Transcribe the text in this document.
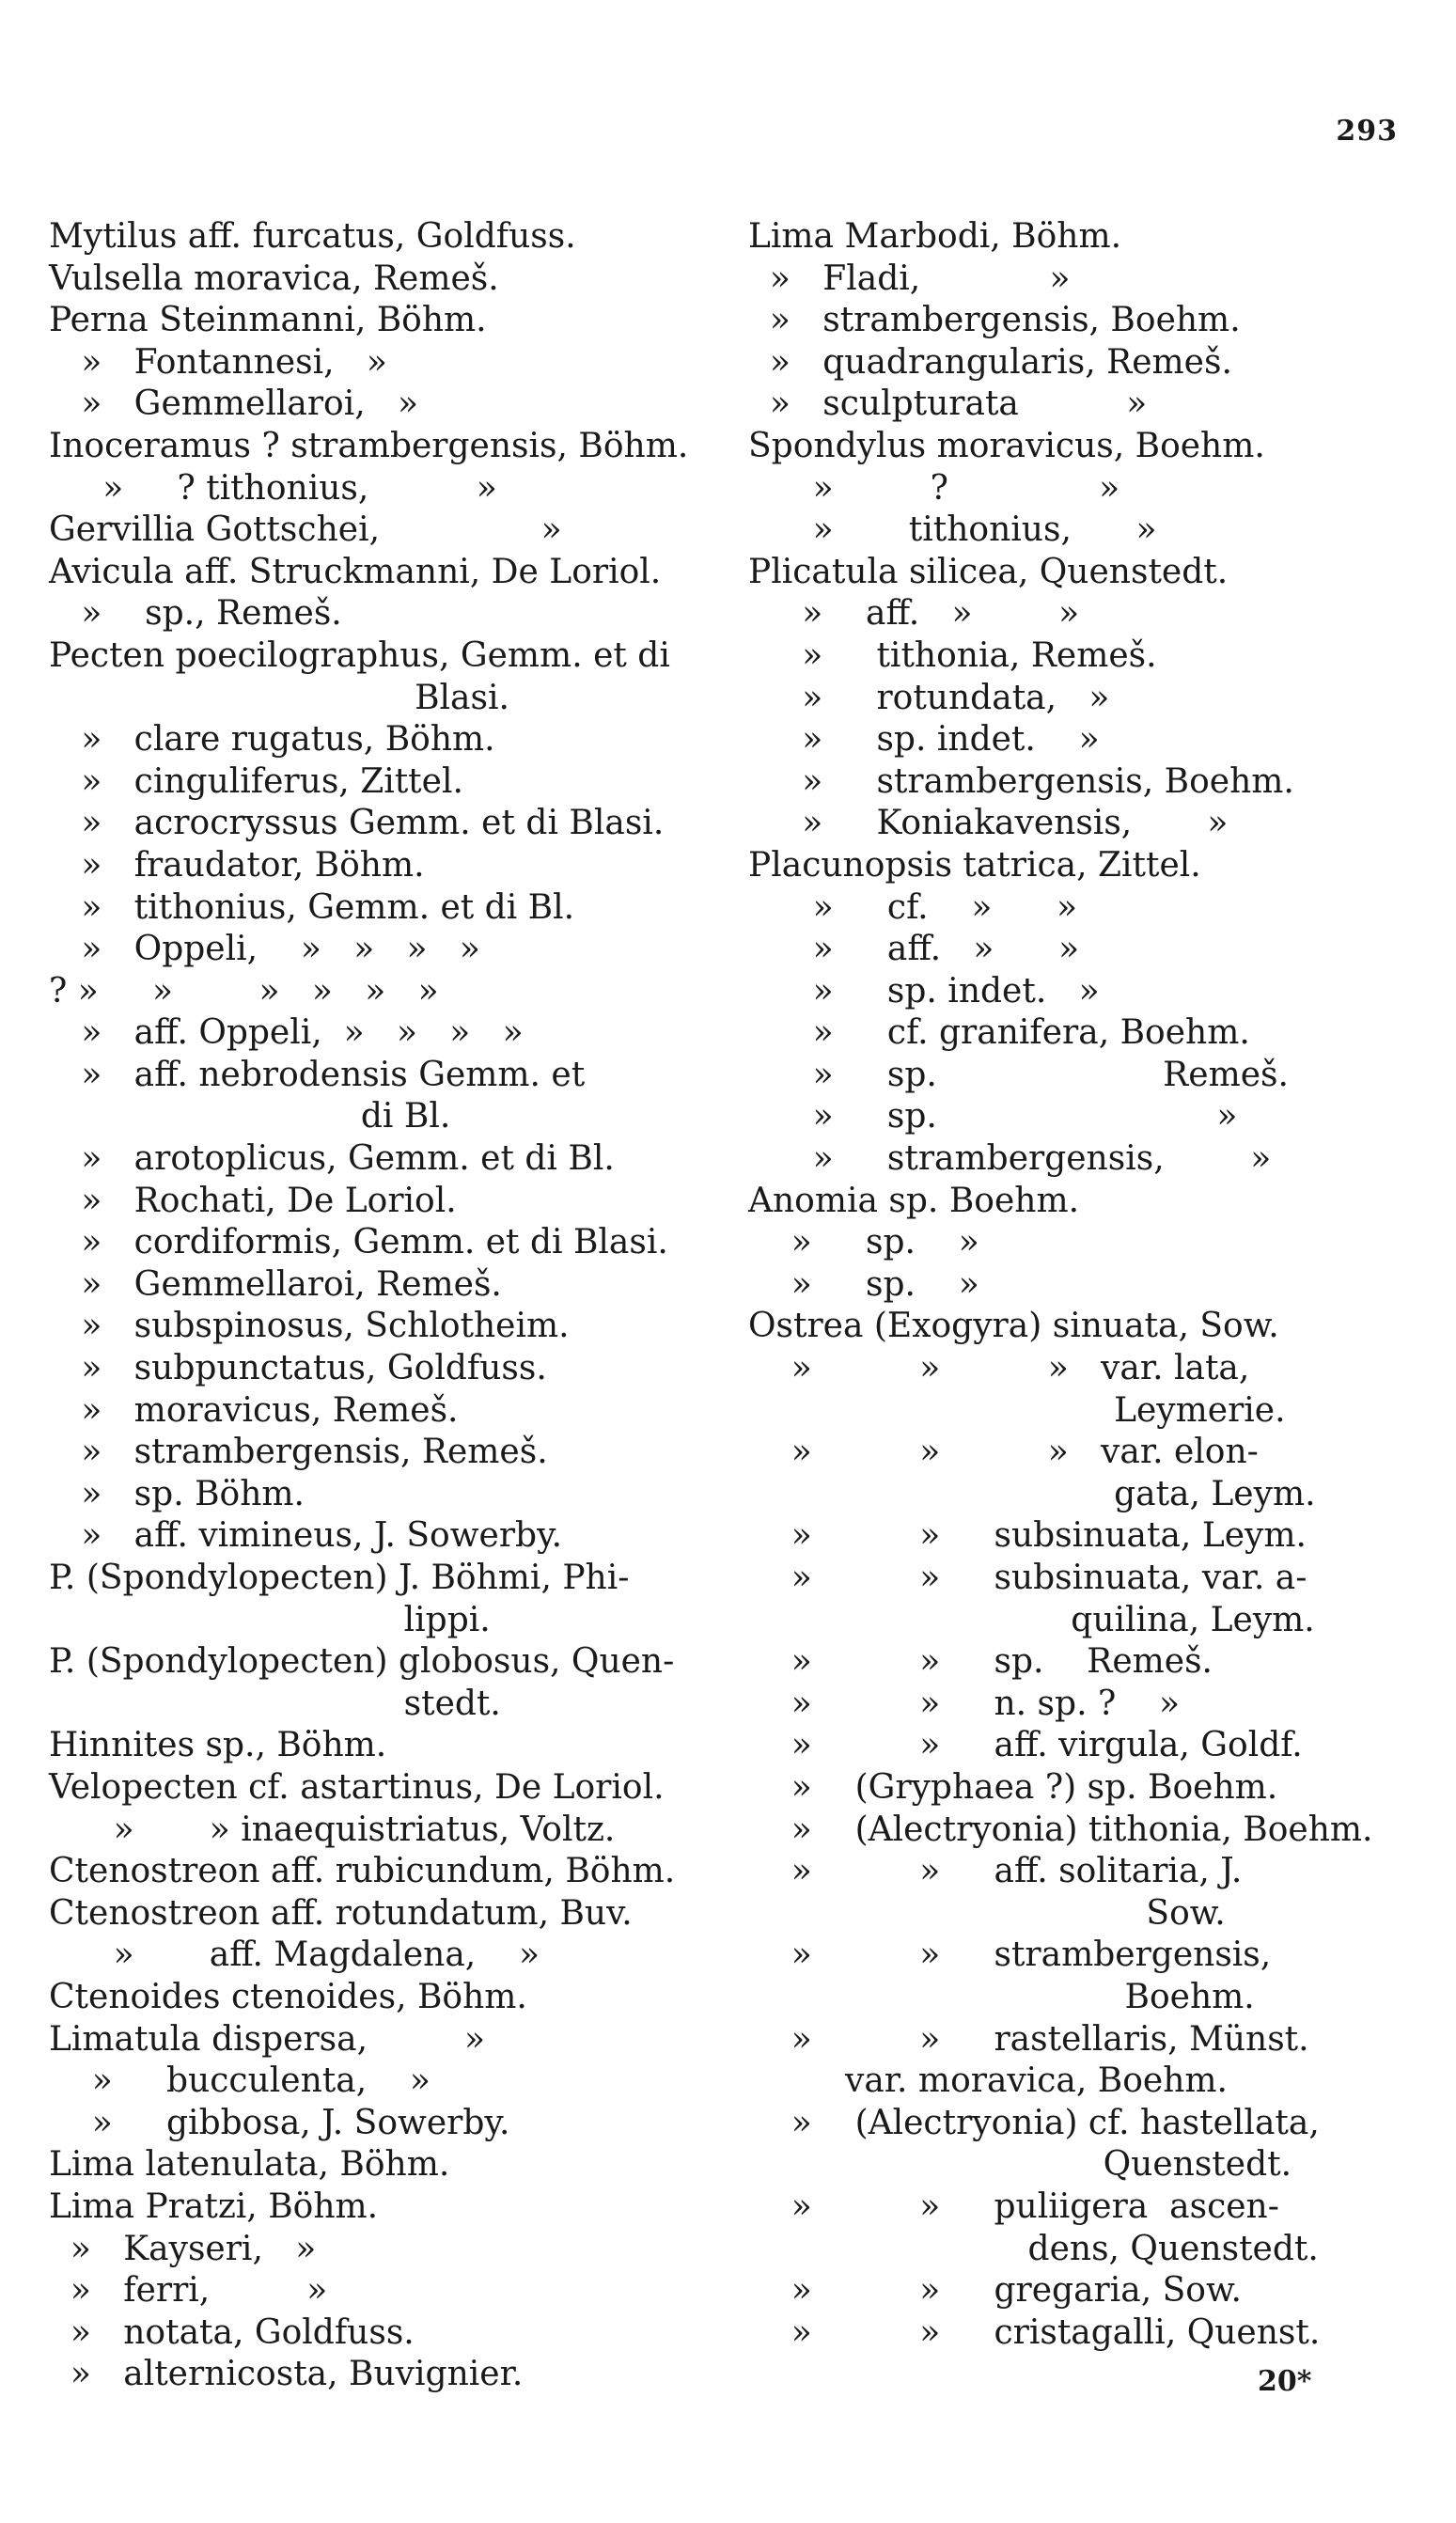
293
Mytilus aff. furcatus, Goldfuss.
Vulsella moravica, Remeš.
Perna Steinmanni, Böhm.
»   Fontannesi,   »
»   Gemmellaroi,   »
Inoceramus ? strambergensis, Böhm.
»     ? tithonius,          »
Gervillia Gottschei,               »
Avicula aff. Struckmanni, De Loriol.
»    sp., Remeš.
Pecten poecilographus, Gemm. et di
Blasi.
»   clare rugatus, Böhm.
»   cinguliferus, Zittel.
»   acrocryssus Gemm. et di Blasi.
»   fraudator, Böhm.
»   tithonius, Gemm. et di Bl.
»   Oppeli,    »   »   »   »
? »     »        »   »   »   »
»   aff. Oppeli,  »   »   »   »
»   aff. nebrodensis Gemm. et
di Bl.
»   arotoplicus, Gemm. et di Bl.
»   Rochati, De Loriol.
»   cordiformis, Gemm. et di Blasi.
»   Gemmellaroi, Remeš.
»   subspinosus, Schlotheim.
»   subpunctatus, Goldfuss.
»   moravicus, Remeš.
»   strambergensis, Remeš.
»   sp. Böhm.
»   aff. vimineus, J. Sowerby.
P. (Spondylopecten) J. Böhmi, Phi-
lippi.
P. (Spondylopecten) globosus, Quen-
stedt.
Hinnites sp., Böhm.
Velopecten cf. astartinus, De Loriol.
»       » inaequistriatus, Voltz.
Ctenostreon aff. rubicundum, Böhm.
Ctenostreon aff. rotundatum, Buv.
»       aff. Magdalena,    »
Ctenoides ctenoides, Böhm.
Limatula dispersa,         »
»     bucculenta,    »
»     gibbosa, J. Sowerby.
Lima latenulata, Böhm.
Lima Pratzi, Böhm.
»   Kayseri,   »
»   ferri,         »
»   notata, Goldfuss.
»   alternicosta, Buvignier.
Lima Marbodi, Böhm.
»   Fladi,            »
»   strambergensis, Boehm.
»   quadrangularis, Remeš.
»   sculpturata          »
Spondylus moravicus, Boehm.
»         ?              »
»       tithonius,      »
Plicatula silicea, Quenstedt.
»    aff.   »        »
»     tithonia, Remeš.
»     rotundata,   »
»     sp. indet.    »
»     strambergensis, Boehm.
»     Koniakavensis,       »
Placunopsis tatrica, Zittel.
»     cf.    »      »
»     aff.   »      »
»     sp. indet.   »
»     cf. granifera, Boehm.
»     sp.                     Remeš.
»     sp.                          »
»     strambergensis,        »
Anomia sp. Boehm.
»     sp.    »
»     sp.    »
Ostrea (Exogyra) sinuata, Sow.
»          »          »   var. lata,
Leymerie.
»          »          »   var. elon-
gata, Leym.
»          »     subsinuata, Leym.
»          »     subsinuata, var. a-
quilina, Leym.
»          »     sp.    Remeš.
»          »     n. sp. ?    »
»          »     aff. virgula, Goldf.
»    (Gryphaea ?) sp. Boehm.
»    (Alectryonia) tithonia, Boehm.
»          »     aff. solitaria, J.
Sow.
»          »     strambergensis,
Boehm.
»          »     rastellaris, Münst.
var. moravica, Boehm.
»    (Alectryonia) cf. hastellata,
Quenstedt.
»          »     puliigera  ascen-
dens, Quenstedt.
»          »     gregaria, Sow.
»          »     cristagalli, Quenst.
20*
